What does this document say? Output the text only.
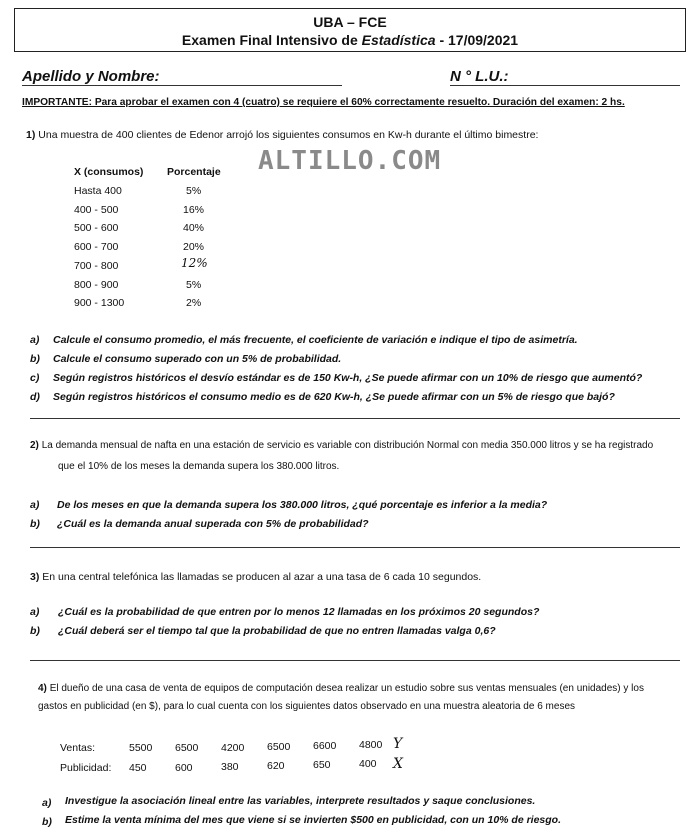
UBA – FCE
Examen Final Intensivo de Estadística - 17/09/2021
Apellido y Nombre:	N ° L.U.:
IMPORTANTE: Para aprobar el examen con 4 (cuatro) se requiere el 60% correctamente resuelto. Duración del examen: 2 hs.
1) Una muestra de 400 clientes de Edenor arrojó los siguientes consumos en Kw-h durante el último bimestre:
ALTILLO.COM
X (consumos) Porcentaje
Hasta 400	5%
400 - 500	16%
500 - 600	40%
600 - 700	20%
700 - 800	12%
800 - 900	5%
900 - 1300	2%
a) Calcule el consumo promedio, el más frecuente, el coeficiente de variación e indique el tipo de asimetría.
b) Calcule el consumo superado con un 5% de probabilidad.
c) Según registros históricos el desvío estándar es de 150 Kw-h, ¿Se puede afirmar con un 10% de riesgo que aumentó?
d) Según registros históricos el consumo medio es de 620 Kw-h, ¿Se puede afirmar con un 5% de riesgo que bajó?
2) La demanda mensual de nafta en una estación de servicio es variable con distribución Normal con media 350.000 litros y se ha registrado
que el 10% de los meses la demanda supera los 380.000 litros.
a) De los meses en que la demanda supera los 380.000 litros, ¿qué porcentaje es inferior a la media?
b) ¿Cuál es la demanda anual superada con 5% de probabilidad?
3) En una central telefónica las llamadas se producen al azar a una tasa de 6 cada 10 segundos.
a) ¿Cuál es la probabilidad de que entren por lo menos 12 llamadas en los próximos 20 segundos?
b) ¿Cuál deberá ser el tiempo tal que la probabilidad de que no entren llamadas valga 0,6?
4) El dueño de una casa de venta de equipos de computación desea realizar un estudio sobre sus ventas mensuales (en unidades) y los
gastos en publicidad (en $), para lo cual cuenta con los siguientes datos observado en una muestra aleatoria de 6 meses
Ventas:	5500 6500 4200 6500 6600 4800 Y
Publicidad: 450	600	380	620	650	400 X
a) Investigue la asociación lineal entre las variables, interprete resultados y saque conclusiones.
b) Estime la venta mínima del mes que viene si se invierten $500 en publicidad, con un 10% de riesgo.
